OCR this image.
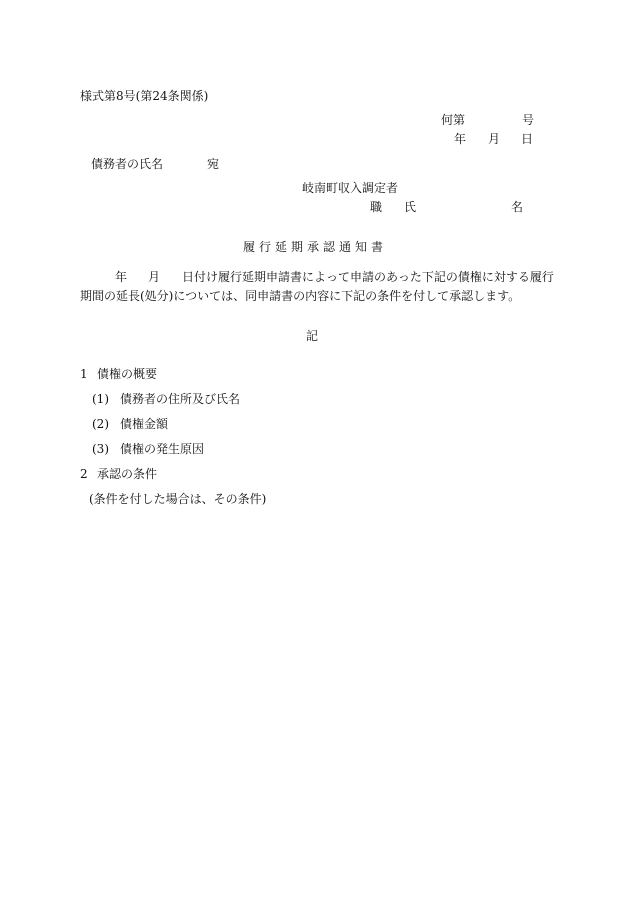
様式第8号(第24条関係)
何第	号
年 月 日
債務者の氏名	宛
岐南町収入調定者
職 氏	名
履行延期承認通知書
年 月 日付け履行延期申請書によって申請のあった下記の債権に対する履行
期間の延長(処分)については、同申請書の内容に下記の条件を付して承認します。
記
1 債権の概要
(1) 債務者の住所及び氏名
(2) 債権金額
(3) 債権の発生原因
2 承認の条件
(条件を付した場合は、その条件)
